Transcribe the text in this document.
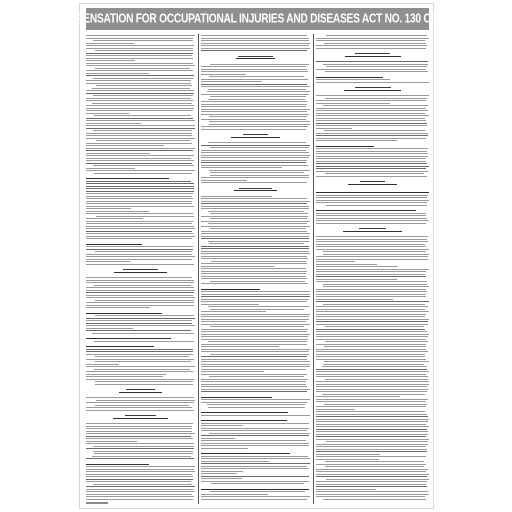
COMPENSATION FOR OCCUPATIONAL INJURIES AND DISEASES ACT NO. 130 OF 1993
